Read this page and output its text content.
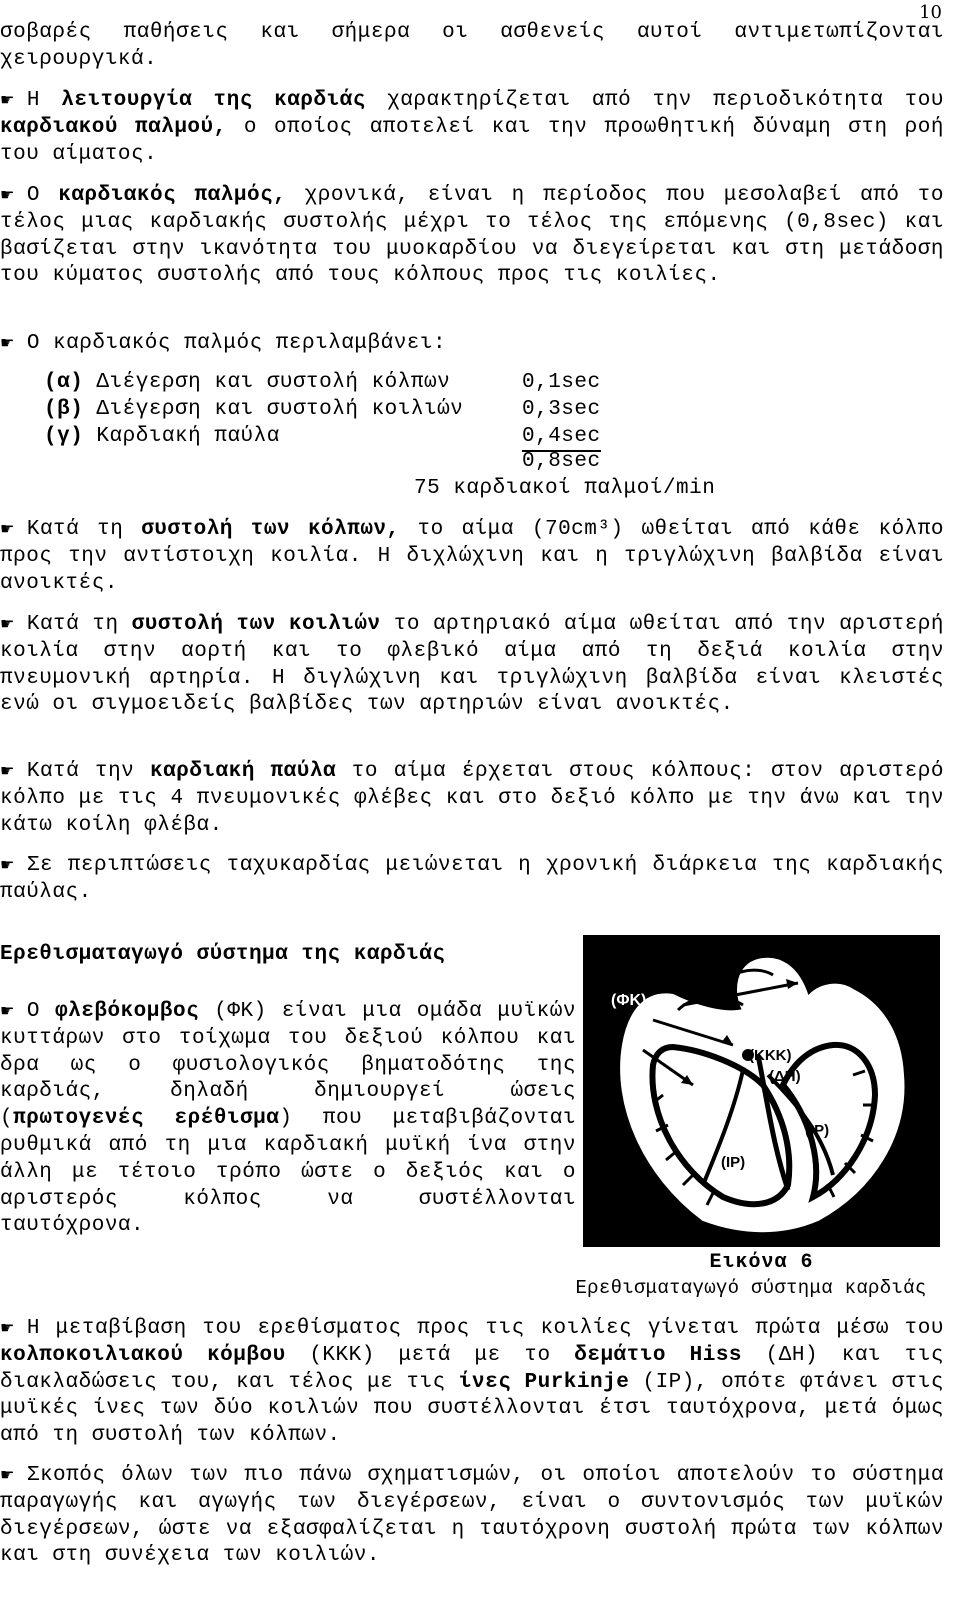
10

σοβαρές παθήσεις και σήμερα οι ασθενείς αυτοί αντιμετωπίζονται χειρουργικά.

☛ Η λειτουργία της καρδιάς χαρακτηρίζεται από την περιοδικότητα του καρδιακού παλμού, ο οποίος αποτελεί και την προωθητική δύναμη στη ροή του αίματος.

☛ Ο καρδιακός παλμός, χρονικά, είναι η περίοδος που μεσολαβεί από το τέλος μιας καρδιακής συστολής μέχρι το τέλος της επόμενης (0,8sec) και βασίζεται στην ικανότητα του μυοκαρδίου να διεγείρεται και στη μετάδοση του κύματος συστολής από τους κόλπους προς τις κοιλίες.

☛ Ο καρδιακός παλμός περιλαμβάνει:

(α) Διέγερση και συστολή κόλπων	0,1sec
(β) Διέγερση και συστολή κοιλιών	0,3sec
(γ) Καρδιακή παύλα	0,4sec
0,8sec
75 καρδιακοί παλμοί/min

☛ Κατά τη συστολή των κόλπων, το αίμα (70cm³) ωθείται από κάθε κόλπο προς την αντίστοιχη κοιλία. Η διχλώχινη και η τριγλώχινη βαλβίδα είναι ανοικτές.

☛ Κατά τη συστολή των κοιλιών το αρτηριακό αίμα ωθείται από την αριστερή κοιλία στην αορτή και το φλεβικό αίμα από τη δεξιά κοιλία στην πνευμονική αρτηρία. Η διγλώχινη και τριγλώχινη βαλβίδα είναι κλειστές ενώ οι σιγμοειδείς βαλβίδες των αρτηριών είναι ανοικτές.

☛ Κατά την καρδιακή παύλα το αίμα έρχεται στους κόλπους: στον αριστερό κόλπο με τις 4 πνευμονικές φλέβες και στο δεξιό κόλπο με την άνω και την κάτω κοίλη φλέβα.

☛ Σε περιπτώσεις ταχυκαρδίας μειώνεται η χρονική διάρκεια της καρδιακής παύλας.

Ερεθισματαγωγό σύστημα της καρδιάς

☛ Ο φλεβόκομβος (ΦΚ) είναι μια ομάδα μυϊκών κυττάρων στο τοίχωμα του δεξιού κόλπου και δρα ως ο φυσιολογικός βηματοδότης της καρδιάς, δηλαδή δημιουργεί ώσεις (πρωτογενές ερέθισμα) που μεταβιβάζονται ρυθμικά από τη μια καρδιακή μυϊκή ίνα στην άλλη με τέτοιο τρόπο ώστε ο δεξιός και ο αριστερός κόλπος να συστέλλονται ταυτόχρονα.

(ΦΚ)
(ΚΚΚ)
(ΔΗ)
(IP)
(IP)
Εικόνα 6
Ερεθισματαγωγό σύστημα καρδιάς

☛ Η μεταβίβαση του ερεθίσματος προς τις κοιλίες γίνεται πρώτα μέσω του κολποκοιλιακού κόμβου (ΚΚΚ) μετά με το δεμάτιο Hiss (ΔΗ) και τις διακλαδώσεις του, και τέλος με τις ίνες Purkinje (IP), οπότε φτάνει στις μυϊκές ίνες των δύο κοιλιών που συστέλλονται έτσι ταυτόχρονα, μετά όμως από τη συστολή των κόλπων.

☛ Σκοπός όλων των πιο πάνω σχηματισμών, οι οποίοι αποτελούν το σύστημα παραγωγής και αγωγής των διεγέρσεων, είναι ο συντονισμός των μυϊκών διεγέρσεων, ώστε να εξασφαλίζεται η ταυτόχρονη συστολή πρώτα των κόλπων και στη συνέχεια των κοιλιών.
